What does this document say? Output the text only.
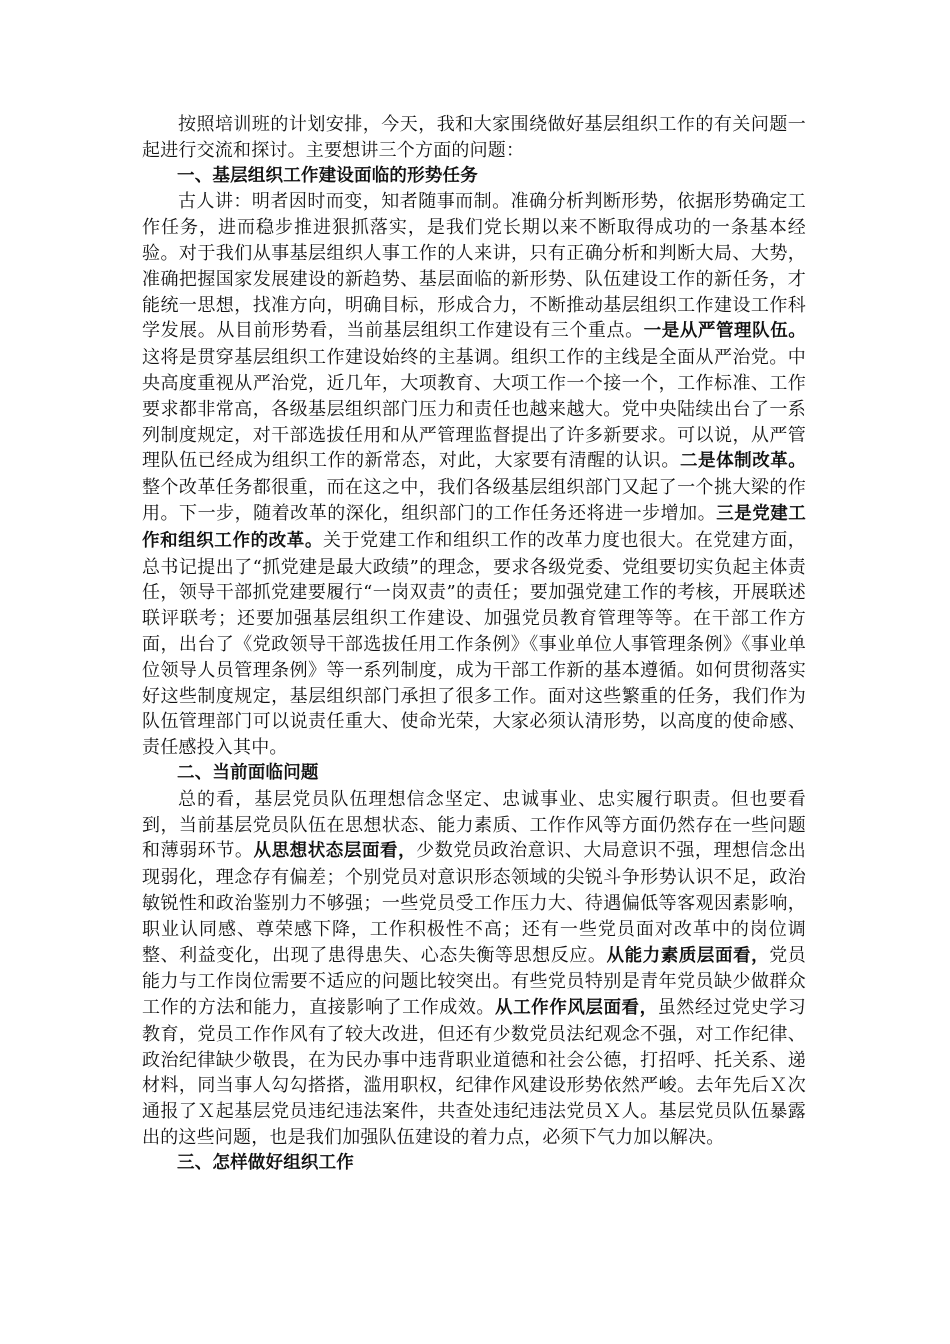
按照培训班的计划安排，今天，我和大家围绕做好基层组织工作的有关问题一起进行交流和探讨。主要想讲三个方面的问题：

一、基层组织工作建设面临的形势任务

古人讲：明者因时而变，知者随事而制。准确分析判断形势，依据形势确定工作任务，进而稳步推进狠抓落实，是我们党长期以来不断取得成功的一条基本经验。对于我们从事基层组织人事工作的人来讲，只有正确分析和判断大局、大势，准确把握国家发展建设的新趋势、基层面临的新形势、队伍建设工作的新任务，才能统一思想，找准方向，明确目标，形成合力，不断推动基层组织工作建设工作科学发展。从目前形势看，当前基层组织工作建设有三个重点。一是从严管理队伍。这将是贯穿基层组织工作建设始终的主基调。组织工作的主线是全面从严治党。中央高度重视从严治党，近几年，大项教育、大项工作一个接一个，工作标准、工作要求都非常高，各级基层组织部门压力和责任也越来越大。党中央陆续出台了一系列制度规定，对干部选拔任用和从严管理监督提出了许多新要求。可以说，从严管理队伍已经成为组织工作的新常态，对此，大家要有清醒的认识。二是体制改革。整个改革任务都很重，而在这之中，我们各级基层组织部门又起了一个挑大梁的作用。下一步，随着改革的深化，组织部门的工作任务还将进一步增加。三是党建工作和组织工作的改革。关于党建工作和组织工作的改革力度也很大。在党建方面，总书记提出了“抓党建是最大政绩”的理念，要求各级党委、党组要切实负起主体责任，领导干部抓党建要履行“一岗双责”的责任；要加强党建工作的考核，开展联述联评联考；还要加强基层组织工作建设、加强党员教育管理等等。在干部工作方面，出台了《党政领导干部选拔任用工作条例》《事业单位人事管理条例》《事业单位领导人员管理条例》等一系列制度，成为干部工作新的基本遵循。如何贯彻落实好这些制度规定，基层组织部门承担了很多工作。面对这些繁重的任务，我们作为队伍管理部门可以说责任重大、使命光荣，大家必须认清形势，以高度的使命感、责任感投入其中。

二、当前面临问题

总的看，基层党员队伍理想信念坚定、忠诚事业、忠实履行职责。但也要看到，当前基层党员队伍在思想状态、能力素质、工作作风等方面仍然存在一些问题和薄弱环节。从思想状态层面看，少数党员政治意识、大局意识不强，理想信念出现弱化，理念存有偏差；个别党员对意识形态领域的尖锐斗争形势认识不足，政治敏锐性和政治鉴别力不够强；一些党员受工作压力大、待遇偏低等客观因素影响，职业认同感、尊荣感下降，工作积极性不高；还有一些党员面对改革中的岗位调整、利益变化，出现了患得患失、心态失衡等思想反应。从能力素质层面看，党员能力与工作岗位需要不适应的问题比较突出。有些党员特别是青年党员缺少做群众工作的方法和能力，直接影响了工作成效。从工作作风层面看，虽然经过党史学习教育，党员工作作风有了较大改进，但还有少数党员法纪观念不强，对工作纪律、政治纪律缺少敬畏，在为民办事中违背职业道德和社会公德，打招呼、托关系、递材料，同当事人勾勾搭搭，滥用职权，纪律作风建设形势依然严峻。去年先后Ｘ次通报了Ｘ起基层党员违纪违法案件，共查处违纪违法党员Ｘ人。基层党员队伍暴露出的这些问题，也是我们加强队伍建设的着力点，必须下气力加以解决。

三、怎样做好组织工作
